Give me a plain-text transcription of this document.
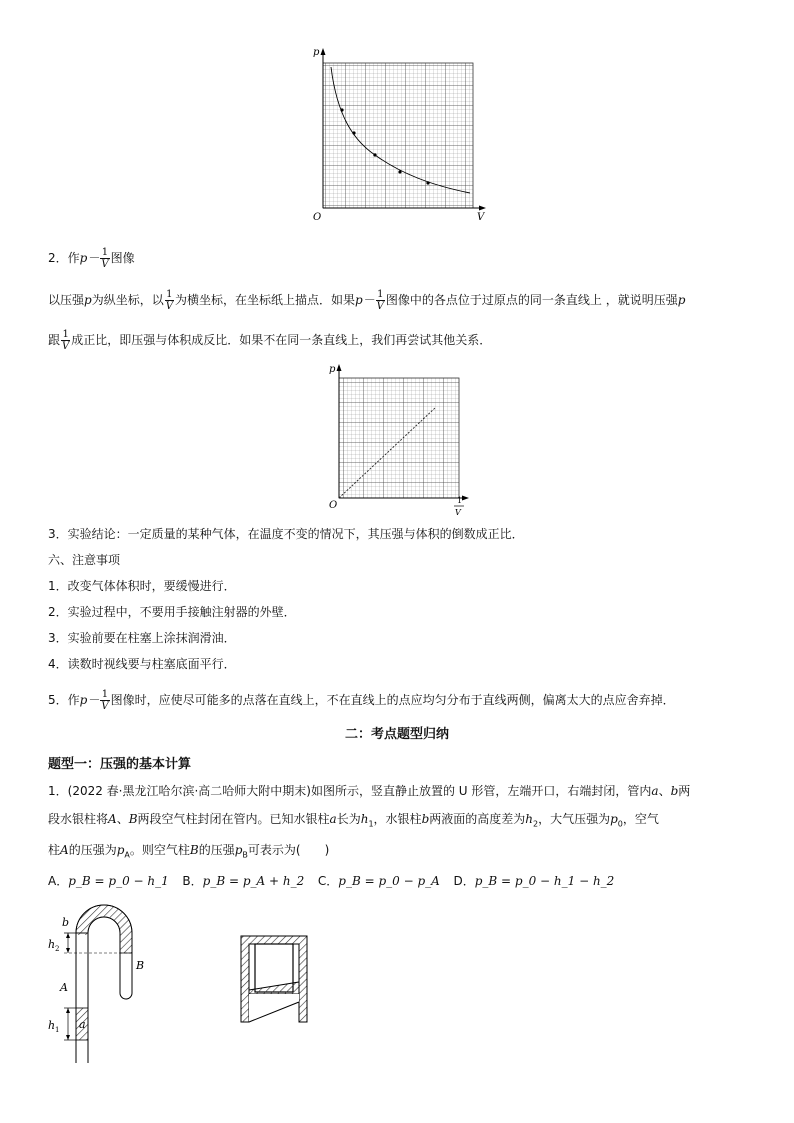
p
V
O
2．作$p- \frac{1}{V}$ 图像
以压强p为纵坐标，以 $\frac{1}{V}$ 为横坐标，在坐标纸上描点．如果$p- \frac{1}{V}$ 图像中的各点位于过原点的同一条直线上 ，就说明压强p
跟 $\frac{1}{V}$ 成正比，即压强与体积成反比．如果不在同一条直线上，我们再尝试其他关系．
p
O	1
V
3．实验结论：一定质量的某种气体，在温度不变的情况下，其压强与体积的倒数成正比．
六、注意事项
1．改变气体体积时，要缓慢进行．
2．实验过程中，不要用手接触注射器的外壁．
3．实验前要在柱塞上涂抹润滑油．
4．读数时视线要与柱塞底面平行．
5．作$p- \frac{1}{V}$ 图像时，应使尽可能多的点落在直线上，不在直线上的点应均匀分布于直线两侧，偏离太大的点应舍弃掉．
二：考点题型归纳
题型一：压强的基本计算
1．(2022 春·黑龙江哈尔滨·高二哈师大附中期末)如图所示，竖直静止放置的 U 形管，左端开口，右端封闭，管内a、b两
段水银柱将A、B两段空气柱封闭在管内。已知水银柱a长为$h_1$，水银柱b两液面的高度差为$h_2$，大气压强为$p_0$，空气
柱A的压强为$p_A$。则空气柱B的压强$p_B$可表示为(　　)
A．p_B = p_0 − h_1 B．p_B = p_A + h_2 C．p_B = p_0 − p_A D．p_B = p_0 − h_1 − h_2
b
h 2
B
A
h 1 a
